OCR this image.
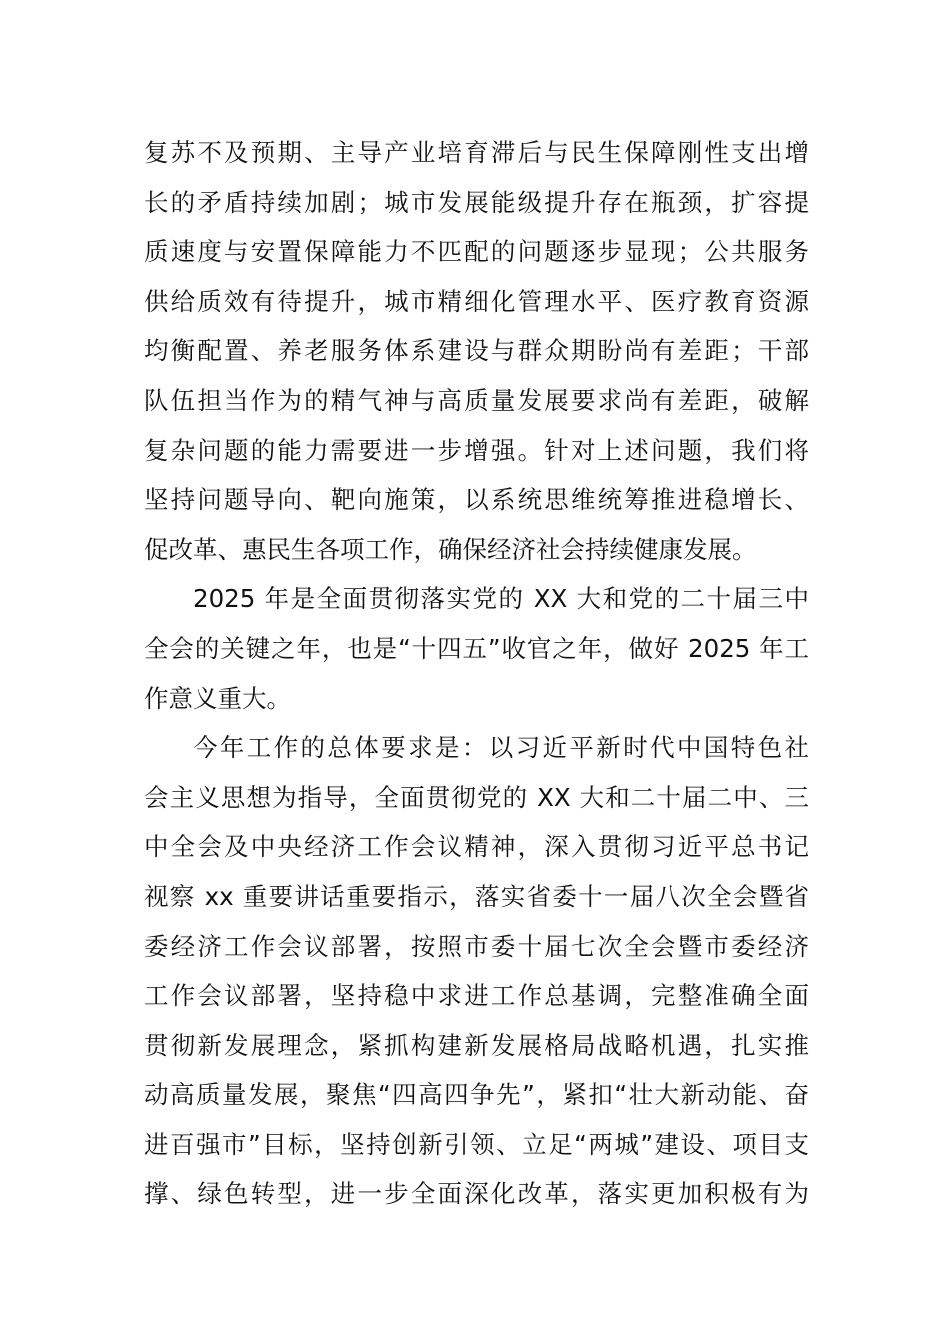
复苏不及预期、主导产业培育滞后与民生保障刚性支出增
长的矛盾持续加剧；城市发展能级提升存在瓶颈，扩容提
质速度与安置保障能力不匹配的问题逐步显现；公共服务
供给质效有待提升，城市精细化管理水平、医疗教育资源
均衡配置、养老服务体系建设与群众期盼尚有差距；干部
队伍担当作为的精气神与高质量发展要求尚有差距，破解
复杂问题的能力需要进一步增强。针对上述问题，我们将
坚持问题导向、靶向施策，以系统思维统筹推进稳增长、
促改革、惠民生各项工作，确保经济社会持续健康发展。
2025 年是全面贯彻落实党的 XX 大和党的二十届三中
全会的关键之年，也是“十四五”收官之年，做好 2025 年工
作意义重大。
今年工作的总体要求是：以习近平新时代中国特色社
会主义思想为指导，全面贯彻党的 XX 大和二十届二中、三
中全会及中央经济工作会议精神，深入贯彻习近平总书记
视察 xx 重要讲话重要指示，落实省委十一届八次全会暨省
委经济工作会议部署，按照市委十届七次全会暨市委经济
工作会议部署，坚持稳中求进工作总基调，完整准确全面
贯彻新发展理念，紧抓构建新发展格局战略机遇，扎实推
动高质量发展，聚焦“四高四争先”，紧扣“壮大新动能、奋
进百强市”目标，坚持创新引领、立足“两城”建设、项目支
撑、绿色转型，进一步全面深化改革，落实更加积极有为
